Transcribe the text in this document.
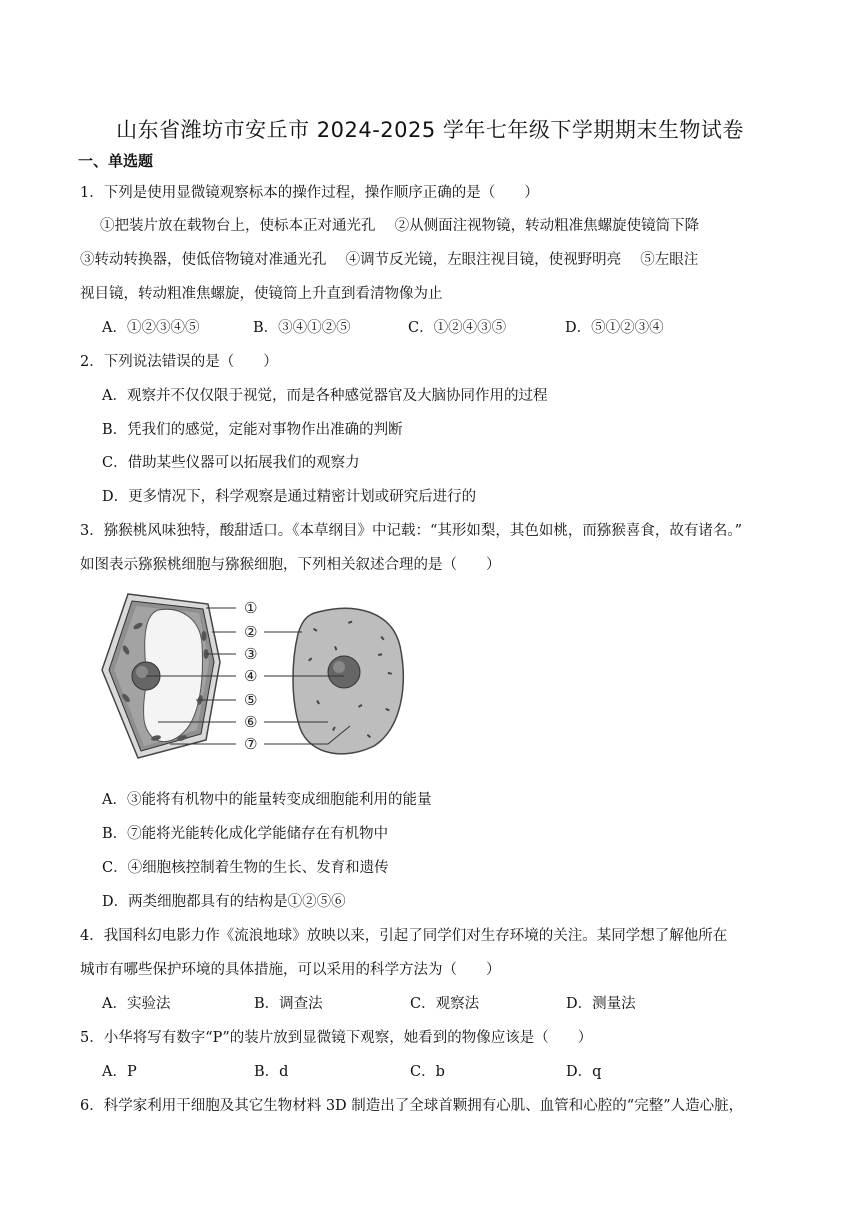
山东省潍坊市安丘市 2024-2025 学年七年级下学期期末生物试卷
一、单选题
1．下列是使用显微镜观察标本的操作过程，操作顺序正确的是（　　）
①把装片放在载物台上，使标本正对通光孔　 ②从侧面注视物镜，转动粗准焦螺旋使镜筒下降
③转动转换器，使低倍物镜对准通光孔　 ④调节反光镜，左眼注视目镜，使视野明亮　 ⑤左眼注
视目镜，转动粗准焦螺旋，使镜筒上升直到看清物像为止
A．①②③④⑤	B．③④①②⑤	C．①②④③⑤	D．⑤①②③④
2．下列说法错误的是（　　）
A．观察并不仅仅限于视觉，而是各种感觉器官及大脑协同作用的过程
B．凭我们的感觉，定能对事物作出准确的判断
C．借助某些仪器可以拓展我们的观察力
D．更多情况下，科学观察是通过精密计划或研究后进行的
3．猕猴桃风味独特，酸甜适口。《本草纲目》中记载：“其形如梨，其色如桃，而猕猴喜食，故有诸名。”
如图表示猕猴桃细胞与猕猴细胞，下列相关叙述合理的是（　　）
①
②
③
④
⑤
⑥
⑦
A．③能将有机物中的能量转变成细胞能利用的能量
B．⑦能将光能转化成化学能储存在有机物中
C．④细胞核控制着生物的生长、发育和遗传
D．两类细胞都具有的结构是①②⑤⑥
4．我国科幻电影力作《流浪地球》放映以来，引起了同学们对生存环境的关注。某同学想了解他所在
城市有哪些保护环境的具体措施，可以采用的科学方法为（　　）
A．实验法	B．调查法	C．观察法	D．测量法
5．小华将写有数字“P”的装片放到显微镜下观察，她看到的物像应该是（　　）
A．P	B．d	C．b	D．q
6．科学家利用干细胞及其它生物材料 3D 制造出了全球首颗拥有心肌、血管和心腔的“完整”人造心脏，
